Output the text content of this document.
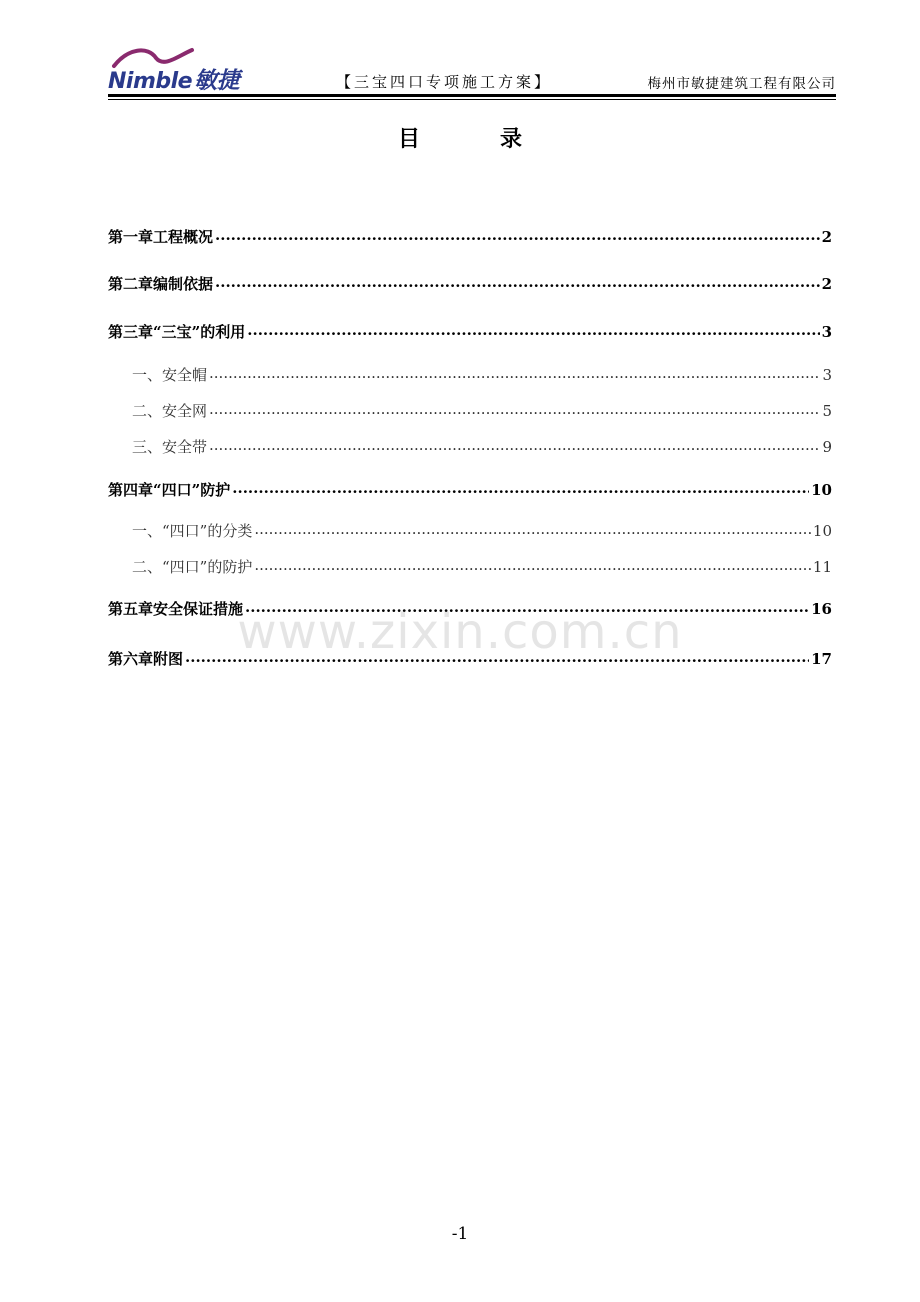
Nimble敏捷	【三宝四口专项施工方案】	梅州市敏捷建筑工程有限公司
目	录
第一章工程概况 .....	2
第二章编制依据 .....	2
第三章“三宝”的利用 .....	3
一、安全帽 .....	3
二、安全网 .....	5
三、安全带 .....	9
第四章“四口”防护 .....	10
一、“四口”的分类 .....	10
二、“四口”的防护 .....	11
第五章安全保证措施 .....	16
第六章附图 .....	17
www.zixin.com.cn
-1
